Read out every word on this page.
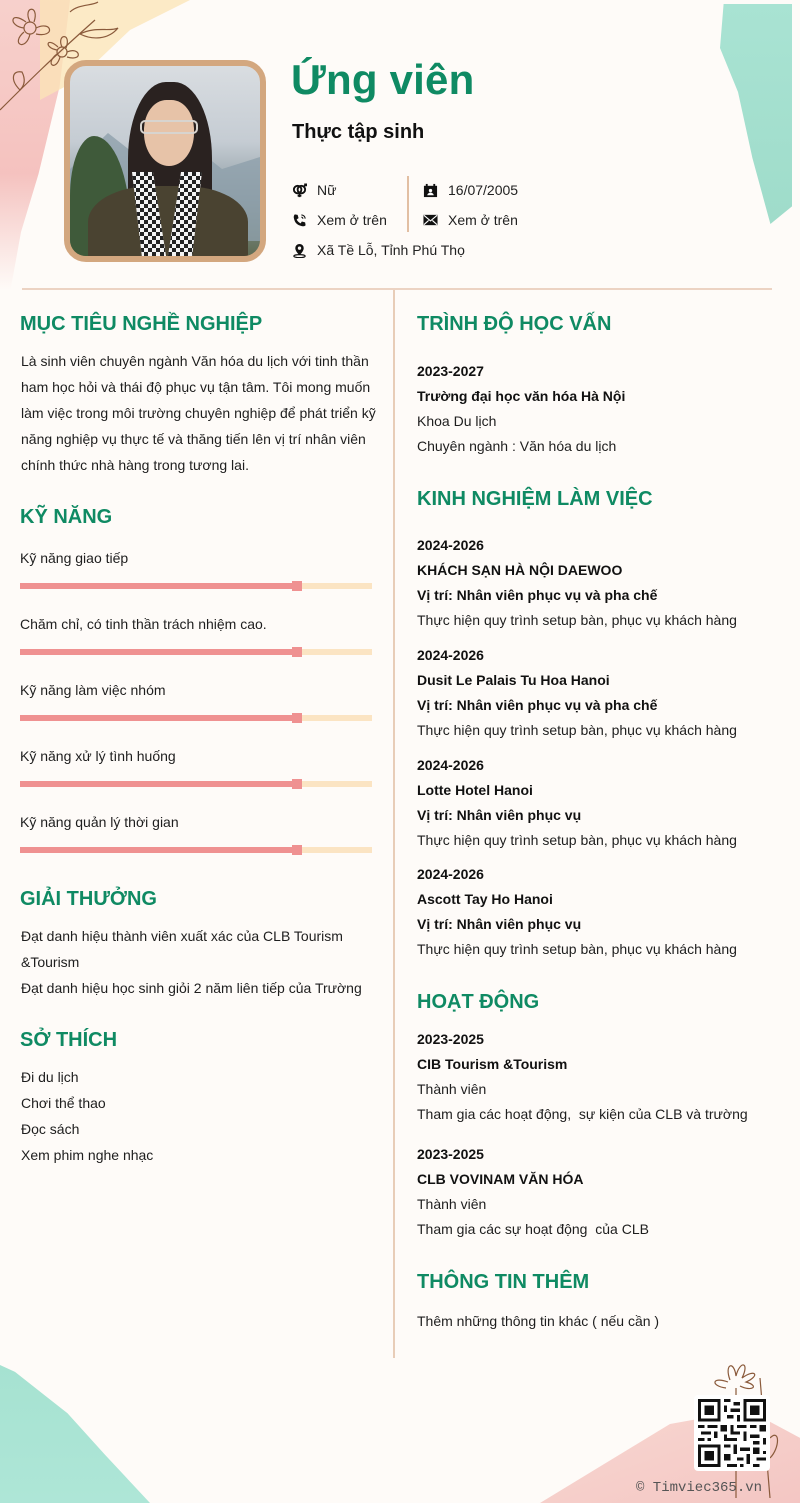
Ứng viên
Thực tập sinh
Nữ
Xem ở trên
Xã Tề Lỗ, Tỉnh Phú Thọ
16/07/2005
Xem ở trên
MỤC TIÊU NGHỀ NGHIỆP
Là sinh viên chuyên ngành Văn hóa du lịch với tinh thần
ham học hỏi và thái độ phục vụ tận tâm. Tôi mong muốn
làm việc trong môi trường chuyên nghiệp để phát triển kỹ
năng nghiệp vụ thực tế và thăng tiến lên vị trí nhân viên
chính thức nhà hàng trong tương lai.
KỸ NĂNG
Kỹ năng giao tiếp
Chăm chỉ, có tinh thần trách nhiệm cao.
Kỹ năng làm việc nhóm
Kỹ năng xử lý tình huống
Kỹ năng quản lý thời gian
GIẢI THƯỞNG
Đạt danh hiệu thành viên xuất xác của CLB Tourism
&Tourism
Đạt danh hiệu học sinh giỏi 2 năm liên tiếp của Trường
SỞ THÍCH
Đi du lịch
Chơi thể thao
Đọc sách
Xem phim nghe nhạc
TRÌNH ĐỘ HỌC VẤN
2023-2027
Trường đại học văn hóa Hà Nội
Khoa Du lịch
Chuyên ngành : Văn hóa du lịch
KINH NGHIỆM LÀM VIỆC
2024-2026
KHÁCH SẠN HÀ NỘI DAEWOO
Vị trí: Nhân viên phục vụ và pha chế
Thực hiện quy trình setup bàn, phục vụ khách hàng
2024-2026
Dusit Le Palais Tu Hoa Hanoi
Vị trí: Nhân viên phục vụ và pha chế
Thực hiện quy trình setup bàn, phục vụ khách hàng
2024-2026
Lotte Hotel Hanoi
Vị trí: Nhân viên phục vụ
Thực hiện quy trình setup bàn, phục vụ khách hàng
2024-2026
Ascott Tay Ho Hanoi
Vị trí: Nhân viên phục vụ
Thực hiện quy trình setup bàn, phục vụ khách hàng
HOẠT ĐỘNG
2023-2025
CIB Tourism &Tourism
Thành viên
Tham gia các hoạt động,  sự kiện của CLB và trường
2023-2025
CLB VOVINAM VĂN HÓA
Thành viên
Tham gia các sự hoạt động  của CLB
THÔNG TIN THÊM
Thêm những thông tin khác ( nếu cần )
© Timviec365.vn
